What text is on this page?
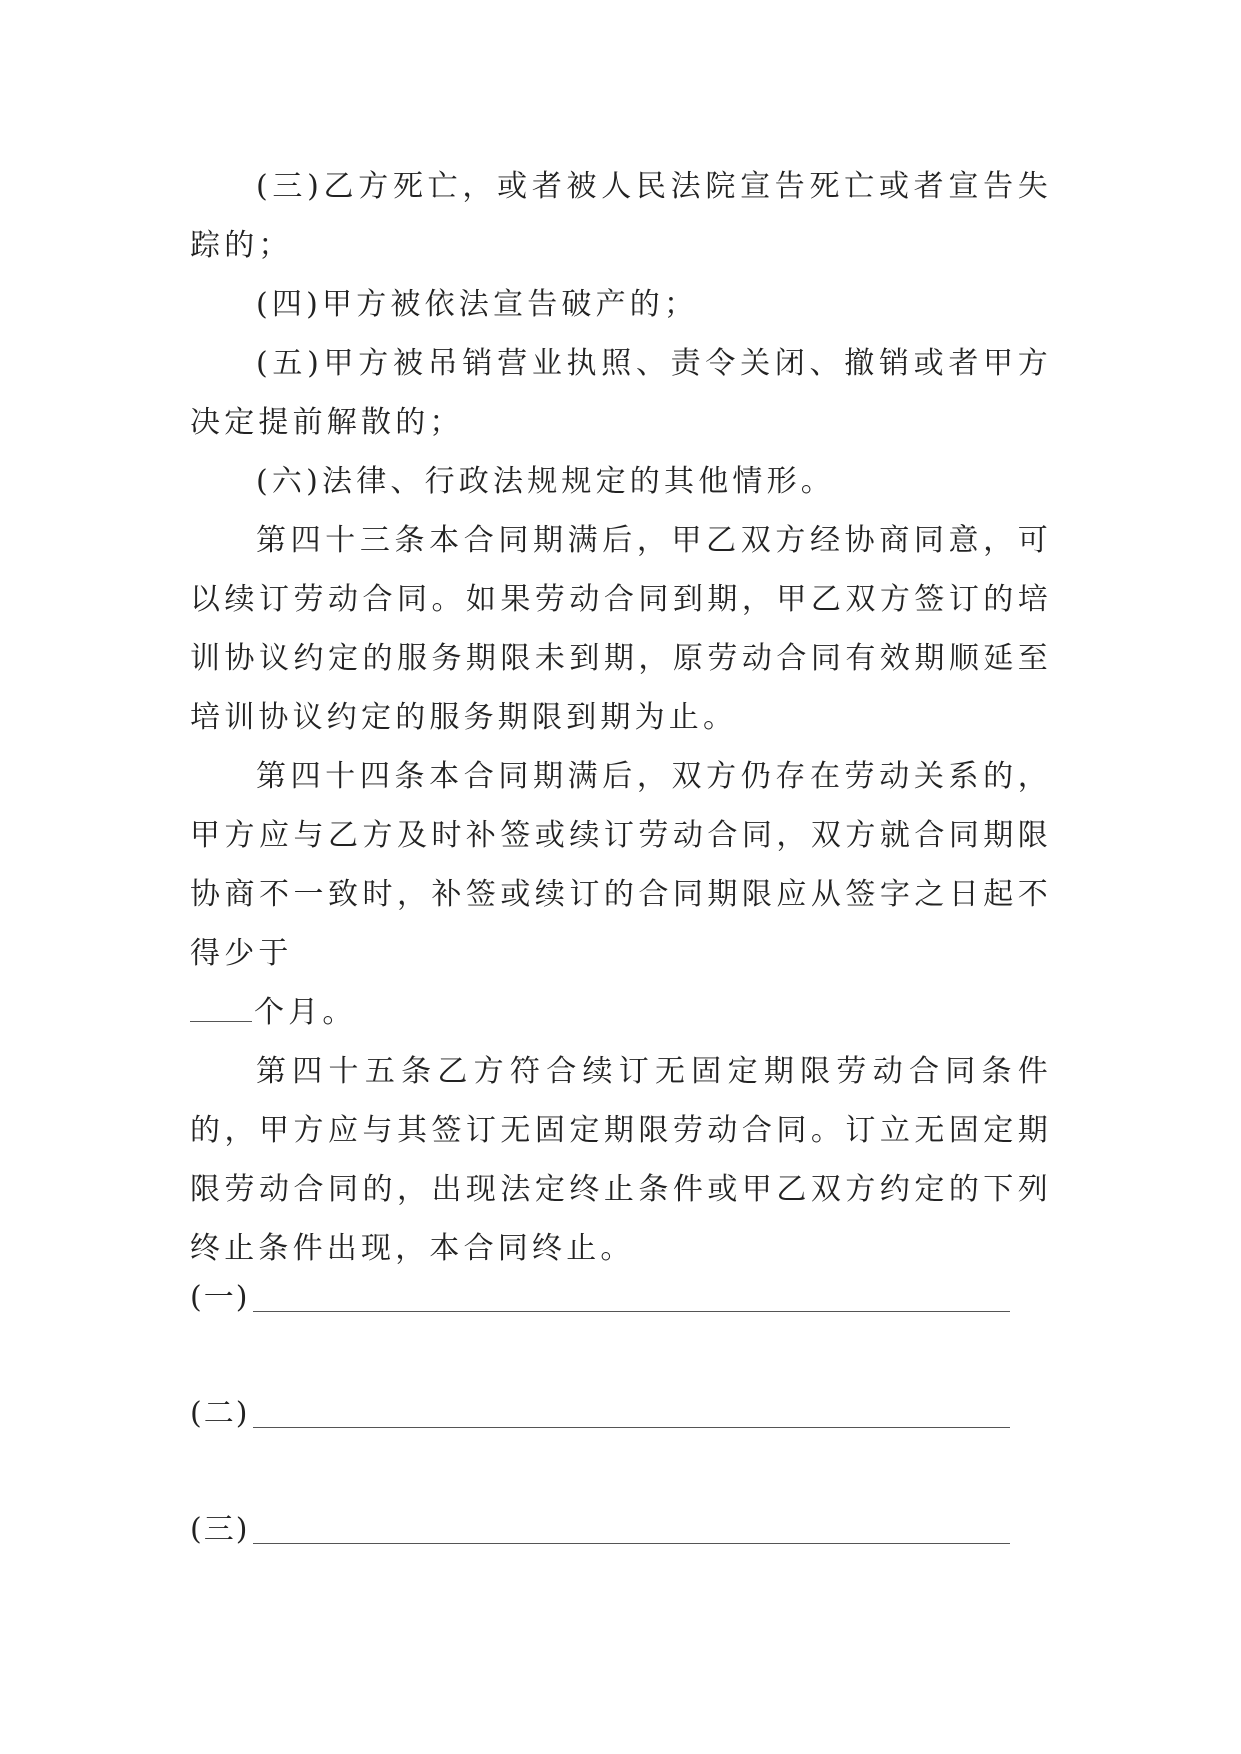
(三)乙方死亡，或者被人民法院宣告死亡或者宣告失踪的；

(四)甲方被依法宣告破产的；

(五)甲方被吊销营业执照、责令关闭、撤销或者甲方决定提前解散的；

(六)法律、行政法规规定的其他情形。

第四十三条本合同期满后，甲乙双方经协商同意，可以续订劳动合同。如果劳动合同到期，甲乙双方签订的培训协议约定的服务期限未到期，原劳动合同有效期顺延至培训协议约定的服务期限到期为止。

第四十四条本合同期满后，双方仍存在劳动关系的，甲方应与乙方及时补签或续订劳动合同，双方就合同期限协商不一致时，补签或续订的合同期限应从签字之日起不得少于
个月。

第四十五条乙方符合续订无固定期限劳动合同条件的，甲方应与其签订无固定期限劳动合同。订立无固定期限劳动合同的，出现法定终止条件或甲乙双方约定的下列终止条件出现，本合同终止。

(一)
(二)
(三)
